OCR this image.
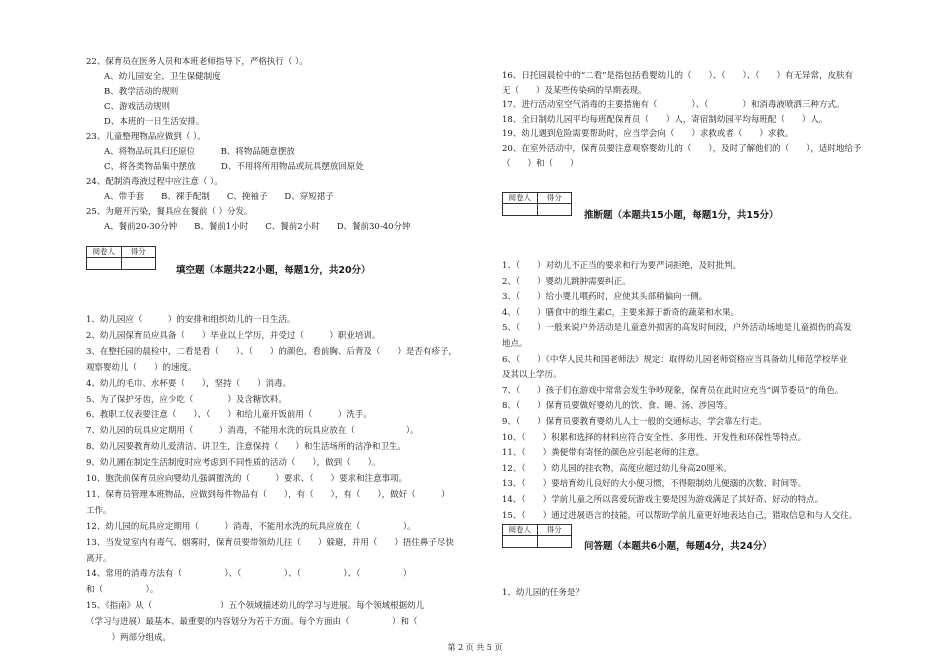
22、保育员在医务人员和本班老师指导下，严格执行（ ）。
A、幼儿园安全、卫生保健制度
B、教学活动的规则
C、游戏活动规则
D、本班的一日生活安排。
23、儿童整理物品应做到（ ）。
A、将物品玩具归还原位　　　B、将物品随意摆放
C、将各类物品集中摆放　　　D、不用将所用物品或玩具摆放回原处
24、配制消毒液过程中应注意（ ）。
A、带手套　　B、裸手配制　　C、挽袖子　　D、穿短裙子
25、为避开污染，餐具应在餐前（ ）分发。
A、餐前20-30分钟　　B、餐前1小时　　C、餐前2小时　　D、餐前30-40分钟
阅卷人	得分
填空题（本题共22小题，每题1分，共20分）
1、幼儿园应（　　　）的安排和组织幼儿的一日生活。
2、幼儿园保育员应具备（　　）毕业以上学历，并受过（　　　）职业培训。
3、在整托园的晨检中，二看是看（　　）、（　　）的颜色，看前胸、后背及（　　）是否有疹子，
观察婴幼儿（　　）的速度。
4、幼儿的毛巾、水杯要（　　），坚持（　　）消毒。
5、为了保护牙齿，应少吃（　　　　）及含糖饮料。
6、教职工仪表要注意（　　）、（　　）和给儿童开饭前用（　　　）洗手。
7、幼儿园的玩具应定期用（　　　）消毒，不能用水洗的玩具应放在（　　　　　　）。
8、幼儿园要教育幼儿爱清洁、讲卫生，注意保持（　　）和生活场所的洁净和卫生。
9、幼儿圃在制定生活制度时应考虑到不同性质的活动（　　），做到（　　）。
10、胞洗前保育员应向婴幼儿强调盥洗的（　　　）要求、（　　）要求和注意事项。
11、保育员管理本班物品，应做到每件物品有（　　），有（　　），有（　　），做好（　　　）
工作。
12、幼儿园的玩具应定期用（　　　）消毒，不能用水洗的玩具应放在（　　　　　）。
13、当发觉室内有毒气、烟雾时，保育员要带领幼儿往（　　）躲避，并用（　　）捂住鼻子尽快
离开。
14、常用的消毒方法有（　　　　　）、（　　　　　）、（　　　　　）、（　　　　　）
和（　　　　　）。
15、《指南》从（　　　　　　　　）五个领域描述幼儿的学习与进展。每个领域根据幼儿
（学习与进展）最基本、最重要的内容划分为若干方面。每个方面由（　　　　　）和（　　　
　　　）两部分组成。
16、日托园晨检中的“二看”是指包括看婴幼儿的（　　）、（　　）、（　　）有无异常，皮肤有
无（　　）及某些传染病的早期表现。
17、进行活动室空气消毒的主要措施有（　　　　）、（　　　　）和消毒液喷洒三种方式。
18、全日制幼儿园平均每班配保育员（　　）人，寄宿制幼园平均每班配（　　）人。
19、幼儿遇到危险需要帮助时，应当学会向（　　）求救或者（　　）求救。
20、在室外活动中，保育员要注意观察婴幼儿的（　　），及时了解他们的（　　），适时地给予
（　　）和（　　）
阅卷人	得分
推断题（本题共15小题，每题1分，共15分）
1、（　　）对幼儿不正当的要求和行为要严词拒绝，及时批判。
2、（　　）婴幼儿跳肿需要纠正。
3、（　　）给小婴儿喂药时，应使其头部稍偏向一侧。
4、（　　）膳食中的维生素C，主要来源于新奇的蔬菜和水果。
5、（　　）一般来说户外活动是儿童意外损害的高发时间段，户外活动场地是儿童损伤的高发
地点。
6、（　　）《中华人民共和国老师法》规定：取得幼儿园老师资格应当具备幼儿师范学校毕业
及其以上学历。
7、（　　）孩子们在游戏中常常会发生争吵现象，保育员在此时应充当“调节委员”的角色。
8、（　　）保育员要做好婴幼儿的饮、食、睡、汤、涉园等。
9、（　　）保育员要教育婴幼儿人士一般的交通标志，学会靠左行走。
10、（　　）积累和选择的材料应符合安全性、多用性、开发性和环保性等特点。
11、（　　）粪便带有寄怪的颜色应引起老师的注意。
12、（　　）幼儿园的挂衣物，高度应超过幼儿身高20厘米。
13、（　　）要培育幼儿良好的大小便习惯，不得限制幼儿便溺的次数、时间等。
14、（　　）学前儿童之所以喜爱玩游戏主要是因为游戏满足了其好奇、好动的特点。
15、（　　）通过进展语言的技能，可以帮助学前儿童更好地表达自己，猎取信息和与人交往。
阅卷人	得分
问答题（本题共6小题，每题4分，共24分）
1、幼儿园的任务是？
第 2 页 共 5 页
